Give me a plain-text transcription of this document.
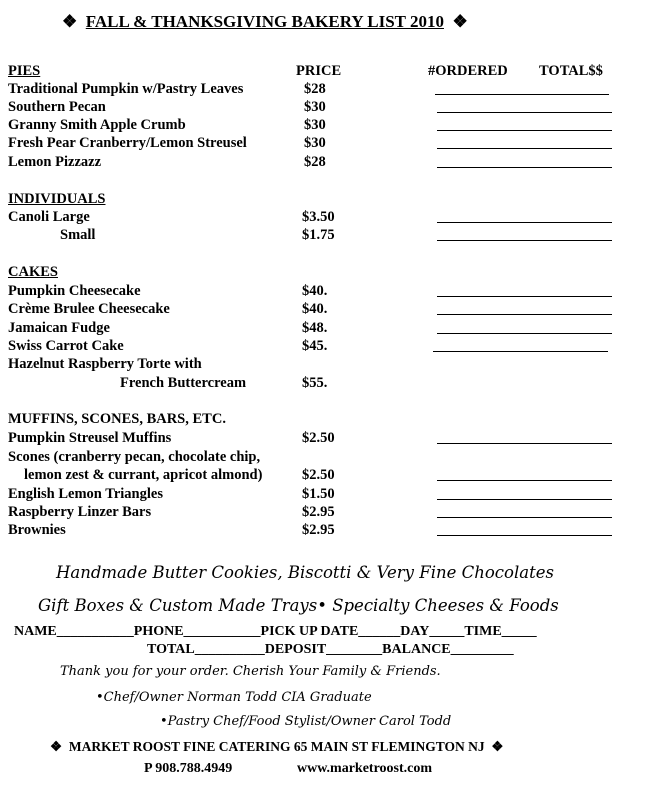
❖ FALL & THANKSGIVING BAKERY LIST 2010 ❖
PIES	PRICE	#ORDERED TOTAL$$
Traditional Pumpkin w/Pastry Leaves	$28
Southern Pecan	$30
Granny Smith Apple Crumb	$30
Fresh Pear Cranberry/Lemon Streusel	$30
Lemon Pizzazz	$28
INDIVIDUALS
Canoli Large	$3.50
Small	$1.75
CAKES
Pumpkin Cheesecake	$40.
Crème Brulee Cheesecake	$40.
Jamaican Fudge	$48.
Swiss Carrot Cake	$45.
Hazelnut Raspberry Torte with
French Buttercream	$55.
MUFFINS, SCONES, BARS, ETC.
Pumpkin Streusel Muffins	$2.50
Scones (cranberry pecan, chocolate chip,
lemon zest & currant, apricot almond)	$2.50
English Lemon Triangles	$1.50
Raspberry Linzer Bars	$2.95
Brownies	$2.95
Handmade Butter Cookies, Biscotti & Very Fine Chocolates
Gift Boxes & Custom Made Trays• Specialty Cheeses & Foods
NAME___________PHONE___________PICK UP DATE______DAY_____TIME_____
TOTAL__________DEPOSIT________BALANCE_________
Thank you for your order. Cherish Your Family & Friends.
•Chef/Owner Norman Todd CIA Graduate
•Pastry Chef/Food Stylist/Owner Carol Todd
❖ MARKET ROOST FINE CATERING 65 MAIN ST FLEMINGTON NJ ❖
P 908.788.4949	www.marketroost.com
